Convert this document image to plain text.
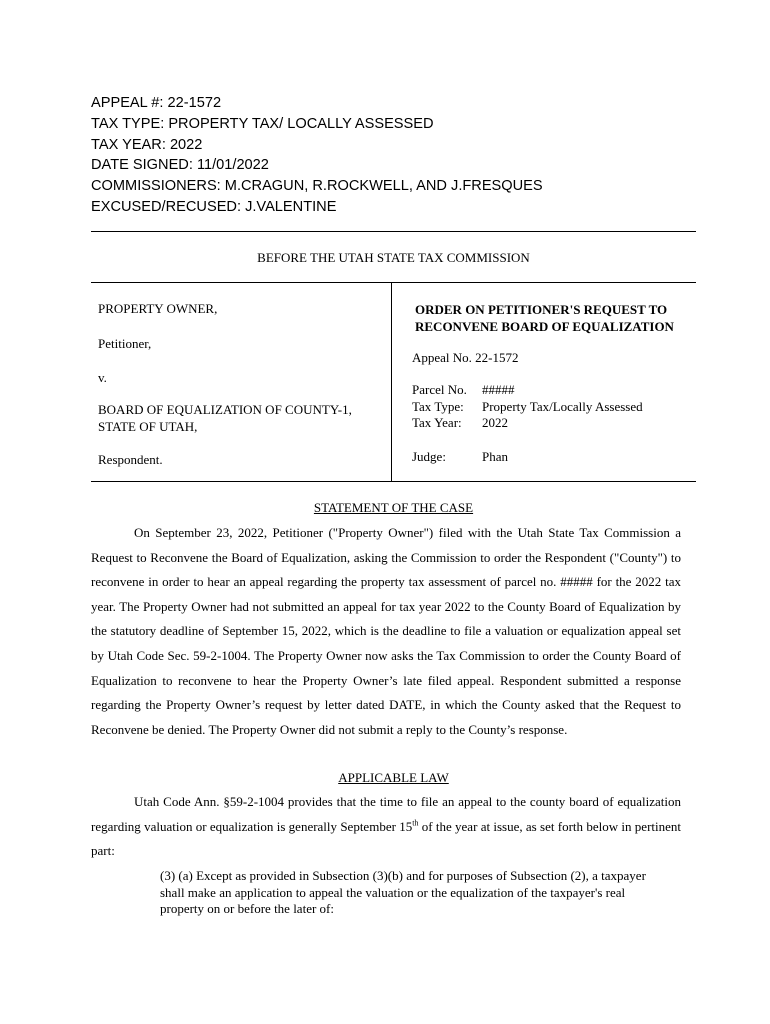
APPEAL #: 22-1572
TAX TYPE: PROPERTY TAX/ LOCALLY ASSESSED
TAX YEAR: 2022
DATE SIGNED: 11/01/2022
COMMISSIONERS: M.CRAGUN, R.ROCKWELL, AND J.FRESQUES
EXCUSED/RECUSED: J.VALENTINE
BEFORE THE UTAH STATE TAX COMMISSION
PROPERTY OWNER,
Petitioner,
v.
BOARD OF EQUALIZATION OF COUNTY-1,
STATE OF UTAH,
Respondent.
ORDER ON PETITIONER'S REQUEST TO
RECONVENE BOARD OF EQUALIZATION
Appeal No. 22-1572
Parcel No. #####
Tax Type: Property Tax/Locally Assessed
Tax Year: 2022
Judge:	Phan
STATEMENT OF THE CASE
On September 23, 2022, Petitioner ("Property Owner") filed with the Utah State Tax Commission a Request to Reconvene the Board of Equalization, asking the Commission to order the Respondent ("County") to reconvene in order to hear an appeal regarding the property tax assessment of parcel no. ##### for the 2022 tax year. The Property Owner had not submitted an appeal for tax year 2022 to the County Board of Equalization by the statutory deadline of September 15, 2022, which is the deadline to file a valuation or equalization appeal set by Utah Code Sec. 59-2-1004. The Property Owner now asks the Tax Commission to order the County Board of Equalization to reconvene to hear the Property Owner’s late filed appeal. Respondent submitted a response regarding the Property Owner’s request by letter dated DATE, in which the County asked that the Request to Reconvene be denied. The Property Owner did not submit a reply to the County’s response.
APPLICABLE LAW
Utah Code Ann. §59-2-1004 provides that the time to file an appeal to the county board of equalization regarding valuation or equalization is generally September 15th of the year at issue, as set forth below in pertinent part:
(3) (a) Except as provided in Subsection (3)(b) and for purposes of Subsection (2), a taxpayer shall make an application to appeal the valuation or the equalization of the taxpayer's real property on or before the later of:
